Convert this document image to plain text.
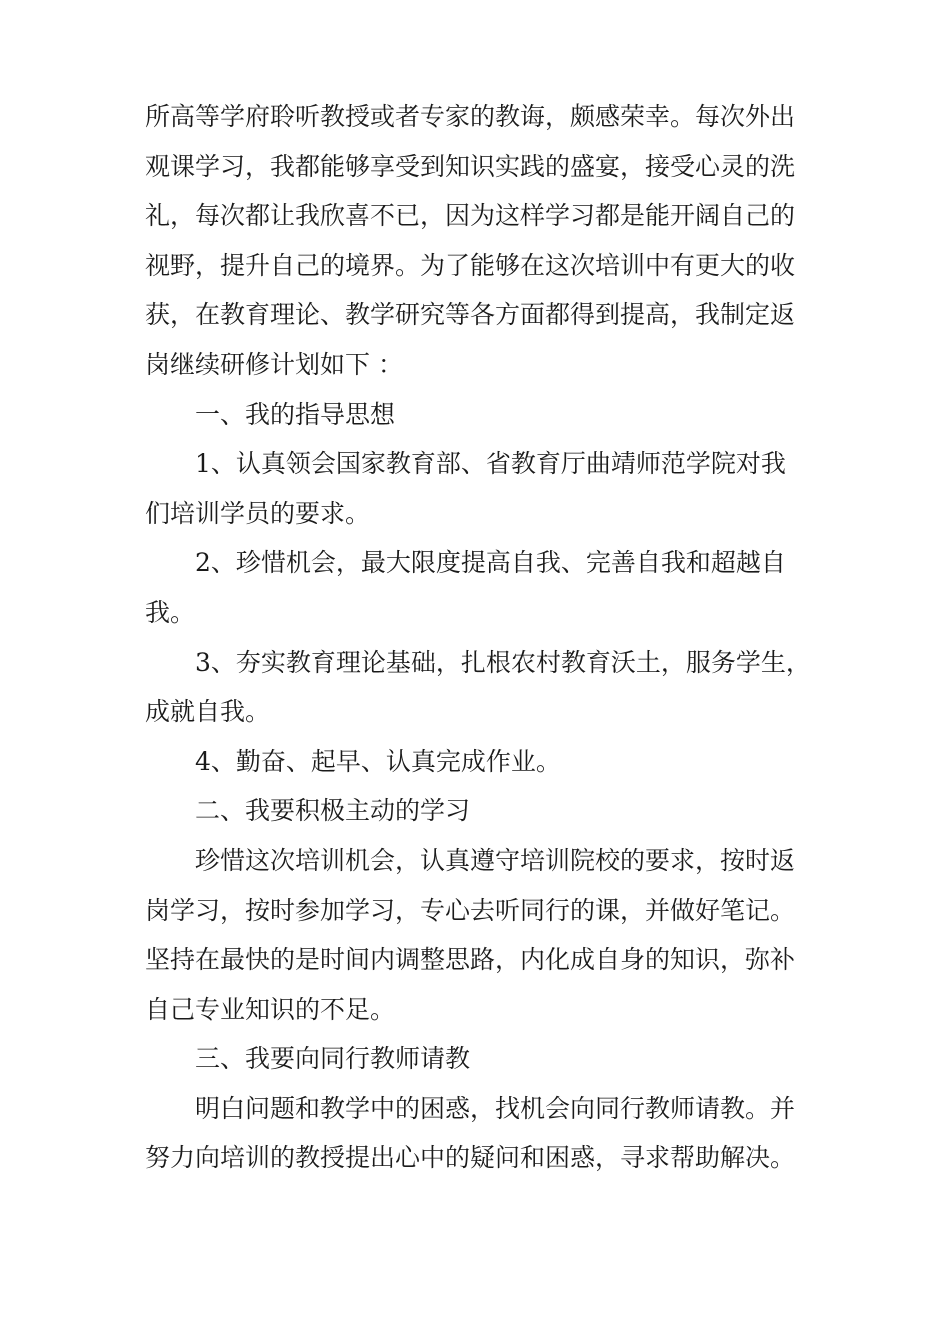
所高等学府聆听教授或者专家的教诲，颇感荣幸。每次外出
观课学习，我都能够享受到知识实践的盛宴，接受心灵的洗
礼，每次都让我欣喜不已，因为这样学习都是能开阔自己的
视野，提升自己的境界。为了能够在这次培训中有更大的收
获，在教育理论、教学研究等各方面都得到提高，我制定返
岗继续研修计划如下 ：
一、我的指导思想
1、认真领会国家教育部、省教育厅曲靖师范学院对我
们培训学员的要求。
2、珍惜机会，最大限度提高自我、完善自我和超越自
我。
3、夯实教育理论基础，扎根农村教育沃土，服务学生，
成就自我。
4、勤奋、起早、认真完成作业。
二、我要积极主动的学习
珍惜这次培训机会，认真遵守培训院校的要求，按时返
岗学习，按时参加学习，专心去听同行的课，并做好笔记。
坚持在最快的是时间内调整思路，内化成自身的知识，弥补
自己专业知识的不足。
三、我要向同行教师请教
明白问题和教学中的困惑，找机会向同行教师请教。并
努力向培训的教授提出心中的疑问和困惑，寻求帮助解决。
